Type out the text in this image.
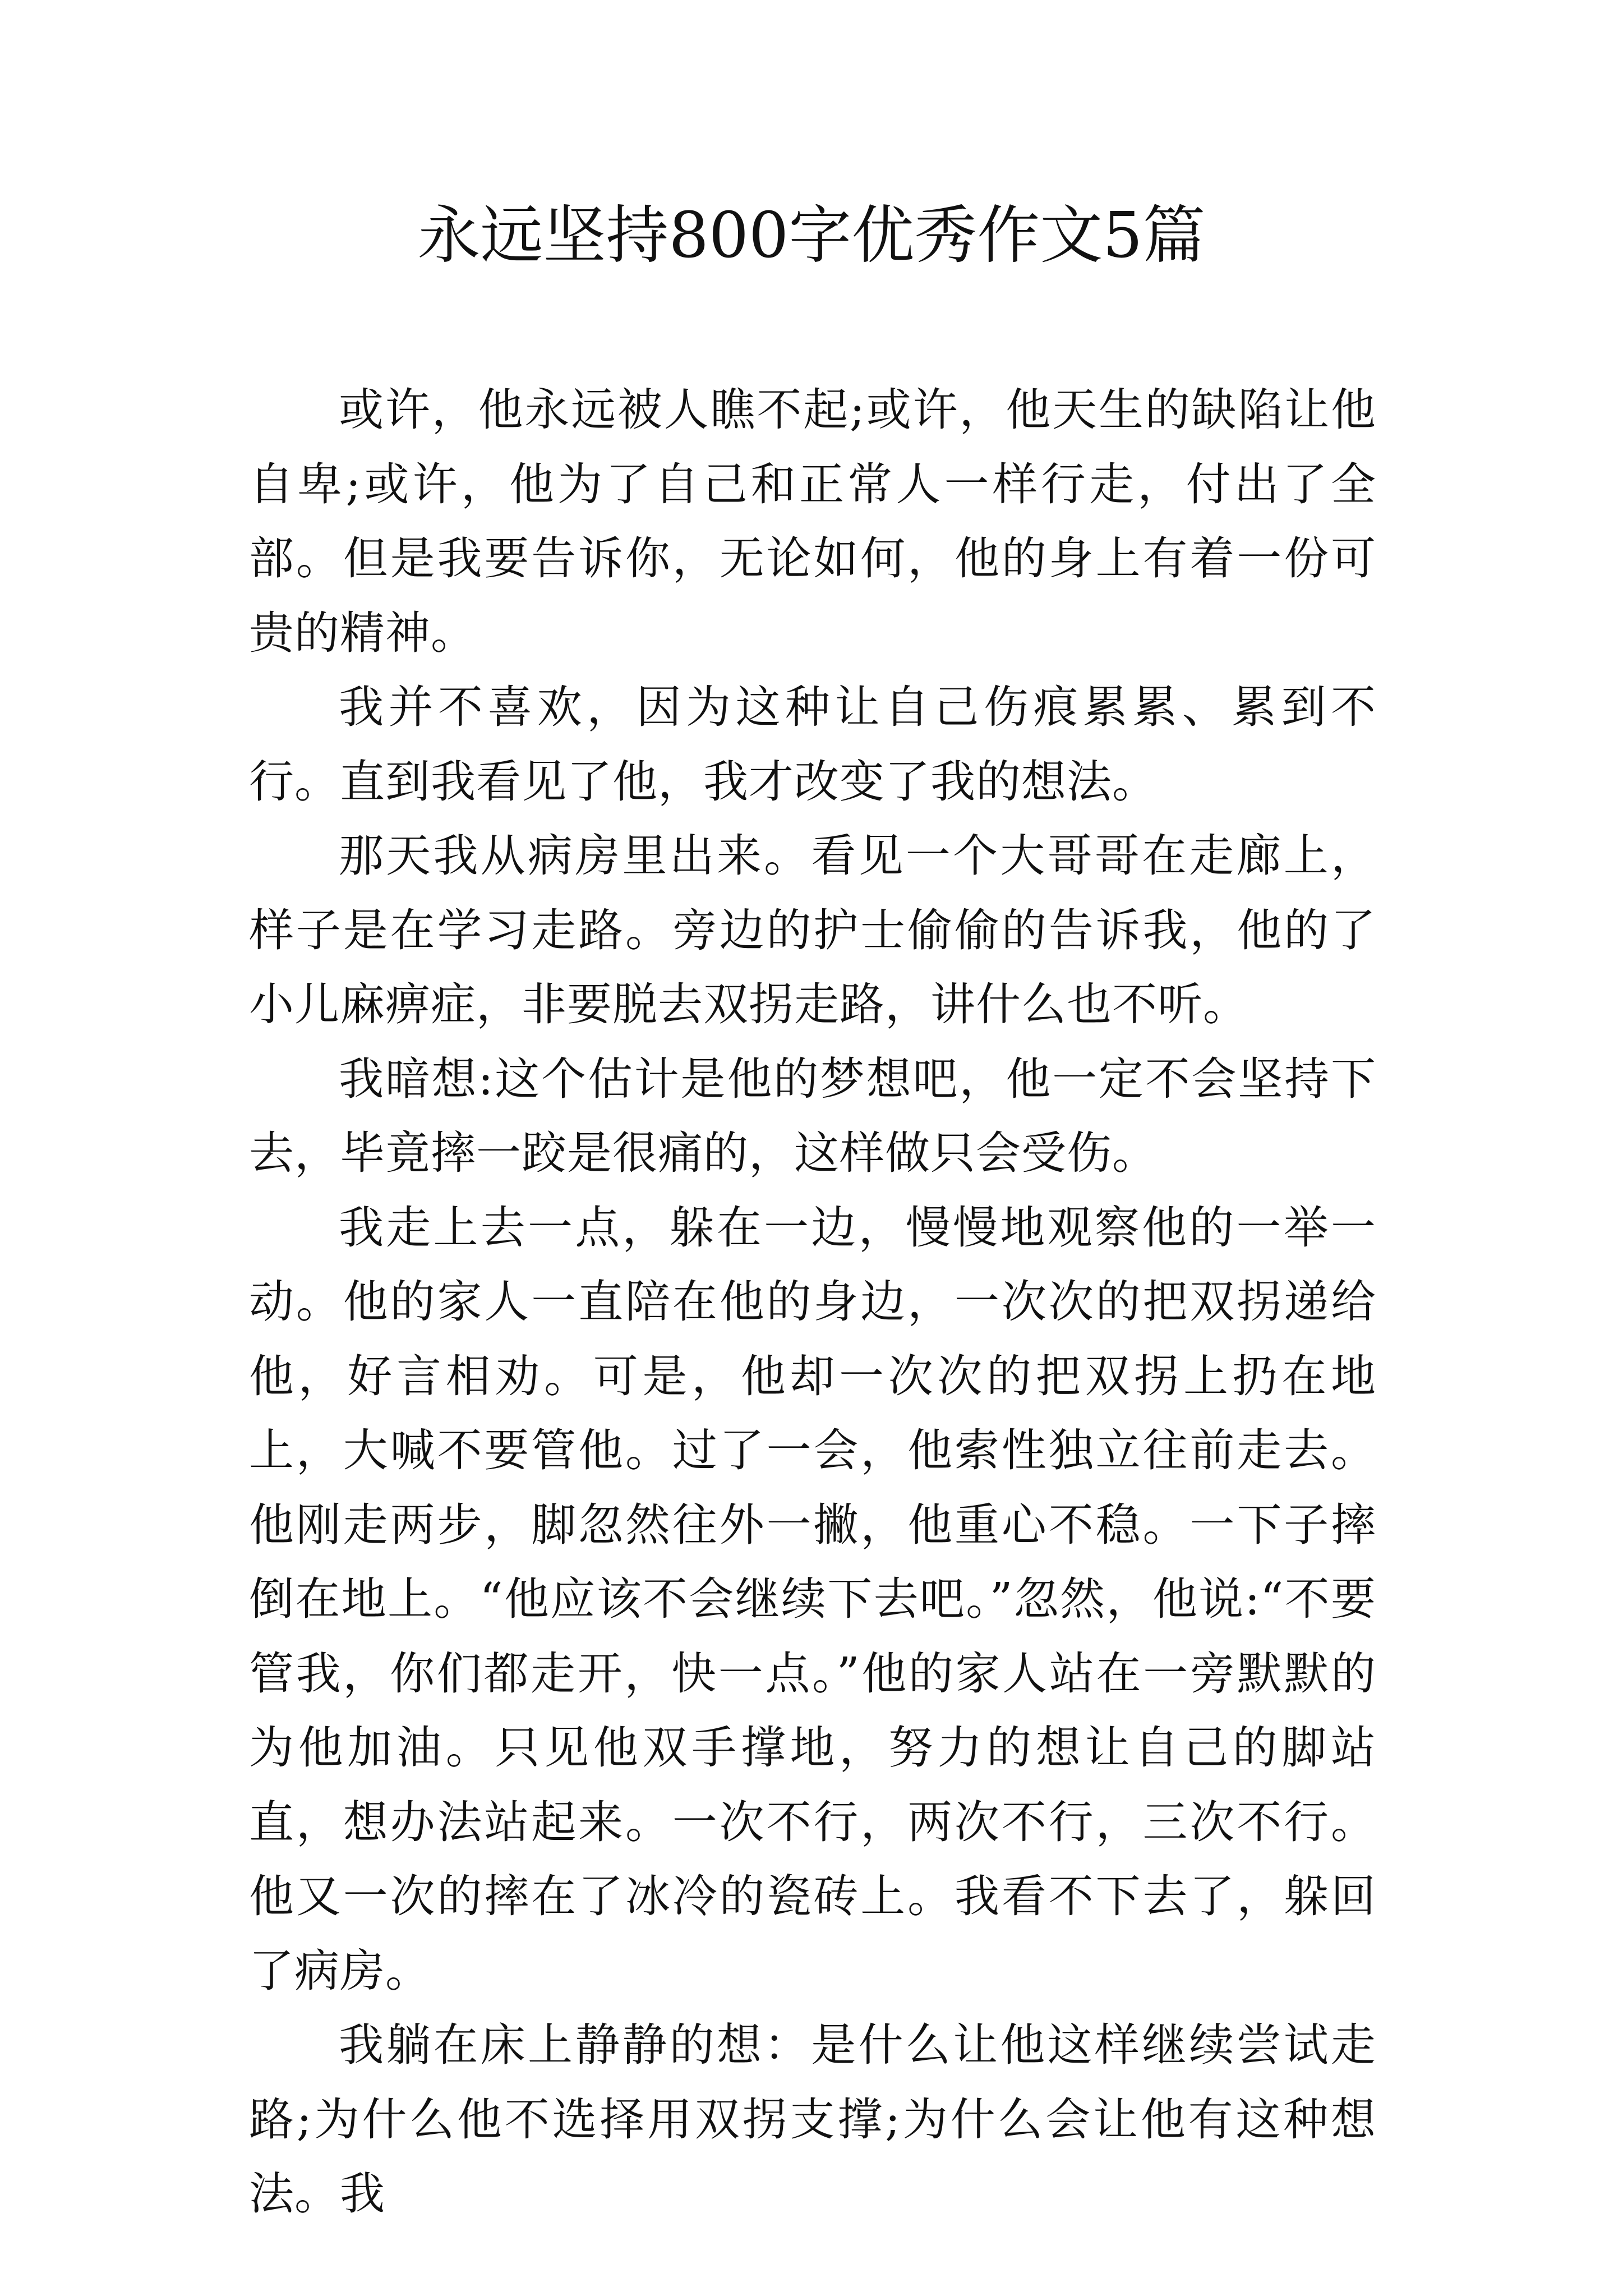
永远坚持800字优秀作文5篇

或许，他永远被人瞧不起;或许，他天生的缺陷让他自卑;或许，他为了自己和正常人一样行走，付出了全部。但是我要告诉你，无论如何，他的身上有着一份可贵的精神。

我并不喜欢，因为这种让自己伤痕累累、累到不行。直到我看见了他，我才改变了我的想法。

那天我从病房里出来。看见一个大哥哥在走廊上，样子是在学习走路。旁边的护士偷偷的告诉我，他的了小儿麻痹症，非要脱去双拐走路，讲什么也不听。

我暗想:这个估计是他的梦想吧，他一定不会坚持下去，毕竟摔一跤是很痛的，这样做只会受伤。

我走上去一点，躲在一边，慢慢地观察他的一举一动。他的家人一直陪在他的身边，一次次的把双拐递给他，好言相劝。可是，他却一次次的把双拐上扔在地上，大喊不要管他。过了一会，他索性独立往前走去。他刚走两步，脚忽然往外一撇，他重心不稳。一下子摔倒在地上。“他应该不会继续下去吧。”忽然，他说:“不要管我，你们都走开，快一点。”他的家人站在一旁默默的为他加油。只见他双手撑地，努力的想让自己的脚站直，想办法站起来。一次不行，两次不行，三次不行。他又一次的摔在了冰冷的瓷砖上。我看不下去了，躲回了病房。

我躺在床上静静的想：是什么让他这样继续尝试走路;为什么他不选择用双拐支撑;为什么会让他有这种想法。我
